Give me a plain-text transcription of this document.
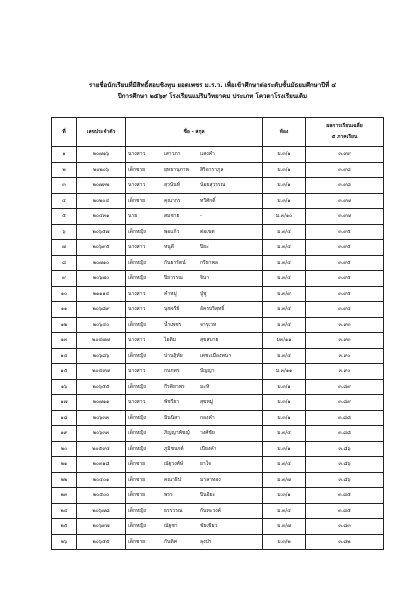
รายชื่อนักเรียนที่มีสิทธิ์สอบชิงทุน ยอดเพชร ม.ร.ว. เพื่อเข้าศึกษาต่อระดับชั้นมัธยมศึกษาปีที่ ๔
ปีการศึกษา ๒๕๖๙ โรงเรียนแม่ริมวิทยาคม ประเภท โควตาโรงเรียนเดิม
ที่	เลขประจำตัว	ชื่อ - สกุล	ห้อง	ผลการเรียนเฉลี่ย
๕ ภาคเรียน

๑	๒๐๗๑๖	นางสาว เสาวภา แสงคำ	ม.๓/๑	๓.๙๙
๒	๒๐๒๐๖	เด็กชาย ยุทธานุภาพ สิริอาราภูล	ม.๓/๑	๓.๙๘
๓	๒๐๗๓๒	นางสาว สุวนันท์ น้อยสุวรรณ	ม.๓/๑	๓.๙๘
๔	๒๐๒๐๔	เด็กชาย คุณากร ทวีศักดิ์	ม.๓/๑	๓.๙๗
๕	๒๐๔๓๑	นาย สมชาย -	ม.๓/๑๐	๓.๙๗
๖	๒๐๖๕๗	เด็กหญิง พอแก้ว ต่อเขต	ม.๓/๔	๓.๙๕
๗	๒๐๖๙๕	นางสาว หนูดี ปิยะ	ม.๓/๔	๓.๙๕
๘	๒๐๗๑๐	เด็กหญิง กันยารัตน์ กรีธาพล	ม.๓/๔	๓.๙๕
๙	๒๐๖๗๐	เด็กหญิง ปิยวรรณ จินา	ม.๓/๔	๓.๙๕
๑๐	๒๑๑๑๔	นางสาว คำหมู่ ปู่ชู	ม.๓/๙	๓.๙๕
๑๑	๒๐๖๘๙	นางสาว นุชจรีย์ อัครบริสุทธิ์	ม.๓/๔	๓.๙๔
๑๒	๒๐๖๔๐	เด็กหญิง น้ำเพชร จารุเวท	ม.๓/๔	๓.๙๓
๑๓	๒๐๔๗๗	นางสาว ไอติม สุขสบาย	ม๓/๑๑	๓.๙๓
๑๔	๒๐๖๘๖	เด็กหญิง ปานฤิทัย เตชะเมืองพนา	ม.๓/๔	๓.๙๐
๑๕	๒๐๔๙๗	นางสาว กนกพร ปัญญา	ม.๓/๑๑	๓.๙๐
๑๖	๒๐๖๕๕	เด็กหญิง กีรติยาพร มะหิ	ม.๓/๑	๓.๘๙
๑๗	๒๐๗๑๑	นางสาว พัชรียา สุขหมู่	ม.๓/๑	๓.๘๙
๑๘	๒๐๖๓๓	เด็กหญิง มินนิสา กองคำ	ม.๓/๑	๓.๘๘
๑๙	๒๐๖๓๓	เด็กหญิง ภิญญาพัชญ์ วงศ์ชัย	ม.๓/๔	๓.๘๘
๒๐	๒๐๕๙๔	เด็กหญิง ภูมิชนกต์ เปียงคำ	ม.๓/๑	๓.๘๖
๒๑	๒๐๓๑๘	เด็กชาย ณัฐวงศ์ษ์ ยาใจ	ม.๓/๔	๓.๘๖
๒๒	๒๐๔๐๑	เด็กชาย คณาธิป มาลาทอง	ม.๓/๗	๓.๘๖
๒๓	๒๐๕๐๐	เด็กชาย พรร ปินอิยะ	ม.๓/๑	๓.๘๕
๒๔	๒๐๖๗๘	เด็กหญิง ธรรวรณ กันทะวงค์	ม.๓/๔	๓.๘๕
๒๕	๒๐๖๙๗	เด็กหญิง ณัฐชา ชัยเขียว	ม.๓/๗	๓.๘๓
๒๖	๒๐๖๕๕	เด็กชาย กันดิศ ลุงป่า	ม.๓/๒	๓.๘๒
